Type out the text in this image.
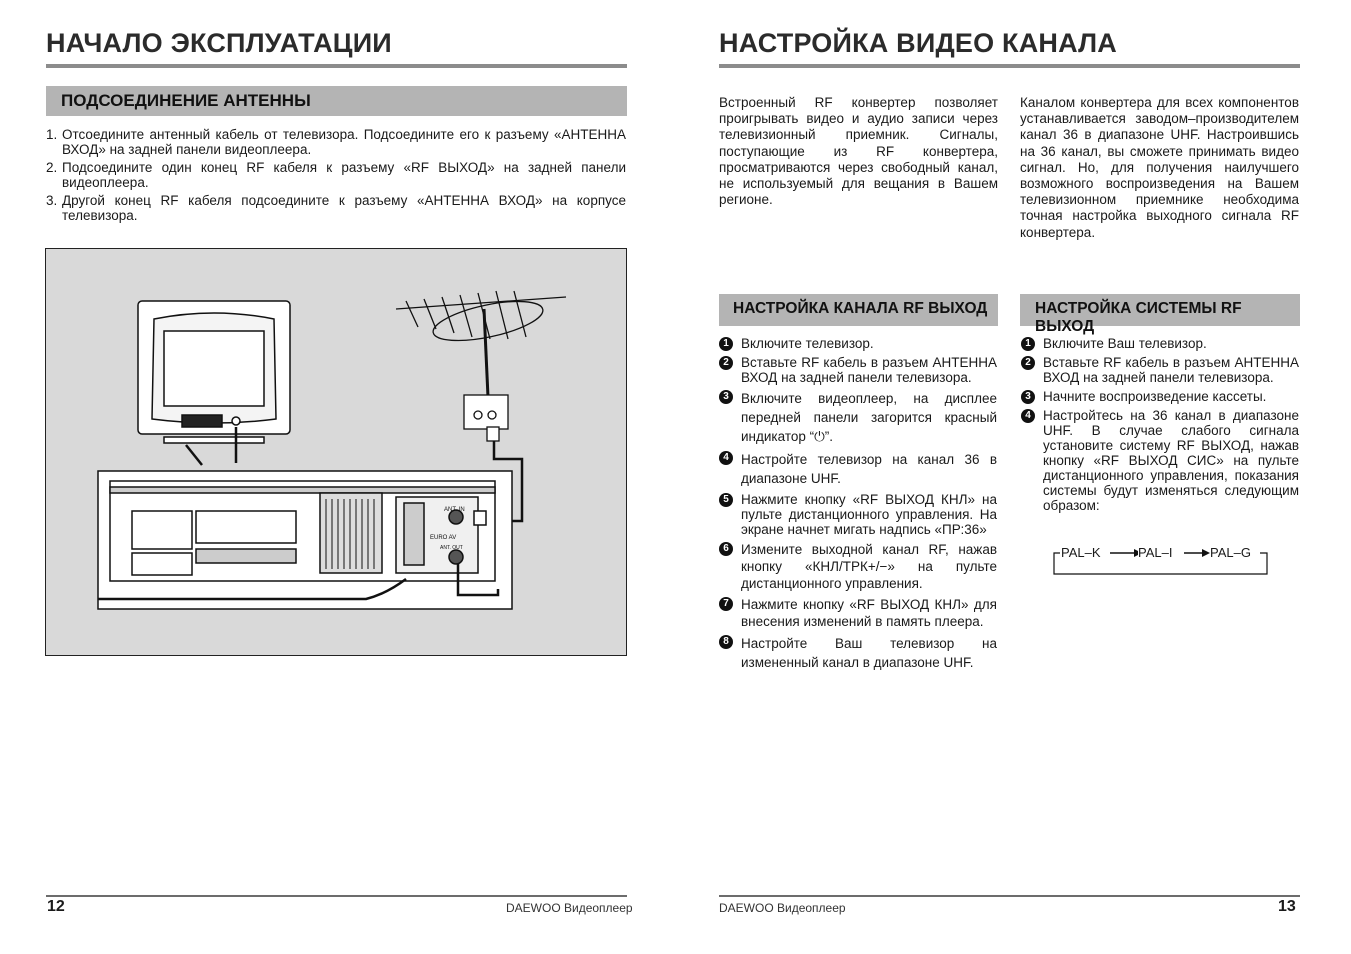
НАЧАЛО ЭКСПЛУАТАЦИИ
ПОДСОЕДИНЕНИЕ АНТЕННЫ
1. Отсоедините антенный кабель от телевизора. Подсоедините его к разъему «АНТЕННА ВХОД» на задней панели видеоплеера.
2. Подсоедините один конец RF кабеля к разъему «RF ВЫХОД» на задней панели видеоплеера.
3. Другой конец RF кабеля подсоедините к разъему «АНТЕННА ВХОД» на корпусе телевизора.
ANT. IN
EURO AV
ANT. OUT
12	DAEWOO Видеоплеер
НАСТРОЙКА ВИДЕО КАНАЛА
Встроенный RF конвертер позволяет проигрывать видео и аудио записи через телевизионный приемник. Сигналы, поступающие из RF конвертера, просматриваются через свободный канал, не используемый для вещания в Вашем регионе.
Каналом конвертера для всех компонентов устанавливается заводом–производителем канал 36 в диапазоне UHF. Настроившись на 36 канал, вы сможете принимать видео сигнал. Но, для получения наилучшего возможного воспроизведения на Вашем телевизионном приемнике необходима точная настройка выходного сигнала RF конвертера.
НАСТРОЙКА КАНАЛА RF ВЫХОД
1 Включите телевизор.
2 Вставьте RF кабель в разъем АНТЕННА ВХОД на задней панели телевизора.
3 Включите видеоплеер, на дисплее передней панели загорится красный индикатор “⏻”.
4 Настройте телевизор на канал 36 в диапазоне UHF.
5 Нажмите кнопку «RF ВЫХОД КНЛ» на пульте дистанционного управления. На экране начнет мигать надпись «ПР:36»
6 Измените выходной канал RF, нажав кнопку «КНЛ/TРК+/−» на пульте дистанционного управления.
7 Нажмите кнопку «RF ВЫХОД КНЛ» для внесения изменений в память плеера.
8 Настройте Ваш телевизор на измененный канал в диапазоне UHF.
НАСТРОЙКА СИСТЕМЫ RF ВЫХОД
1 Включите Ваш телевизор.
2 Вставьте RF кабель в разъем АНТЕННА ВХОД на задней панели телевизора.
3 Начните воспроизведение кассеты.
4 Настройтесь на 36 канал в диапазоне UHF. В случае слабого сигнала установите систему RF ВЫХОД, нажав кнопку «RF ВЫХОД СИС» на пульте дистанционного управления, показания системы будут изменяться следующим образом:
PAL–K	PAL–I	PAL–G
DAEWOO Видеоплеер	13
